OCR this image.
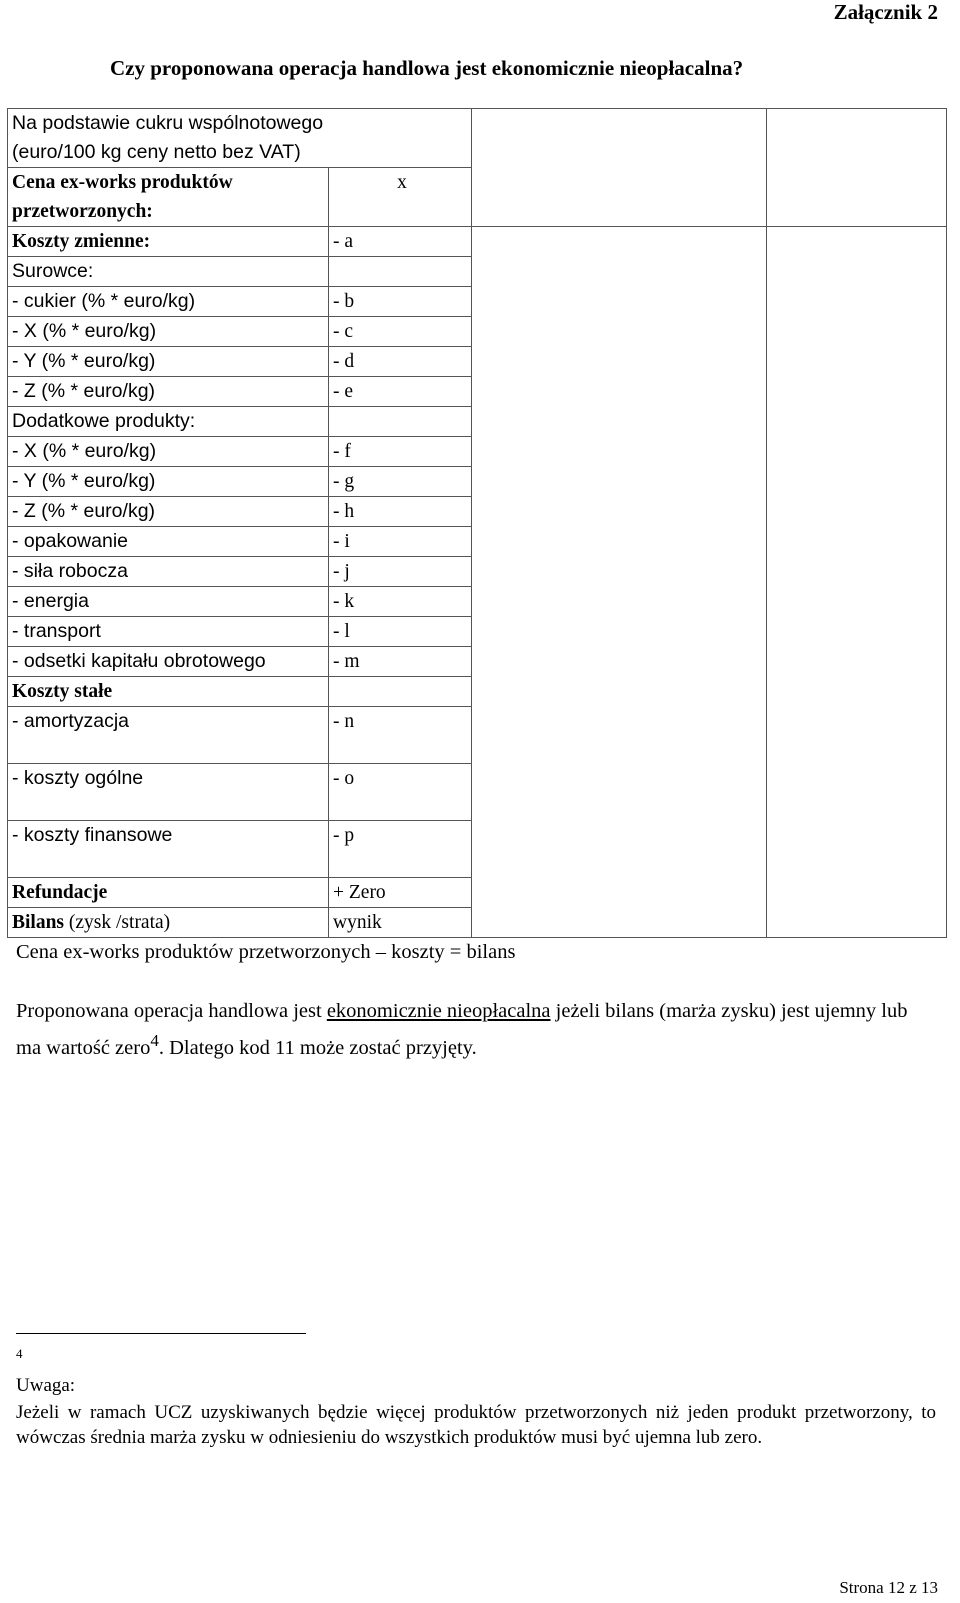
Załącznik 2
Czy proponowana operacja handlowa jest ekonomicznie nieopłacalna?
Na podstawie cukru wspólnotowego
(euro/100 kg ceny netto bez VAT)			

Cena ex-works produktów
przetworzonych:	x		
Koszty zmienne:	- a		
Surowce:			
- cukier (% * euro/kg)	- b		
- X (% * euro/kg)	- c		
- Y (% * euro/kg)	- d		
- Z (% * euro/kg)	- e		
Dodatkowe produkty:			
- X (% * euro/kg)	- f		
- Y (% * euro/kg)	- g		
- Z (% * euro/kg)	- h		
- opakowanie	- i		
- siła robocza	- j		
- energia	- k		
- transport	- l		
- odsetki kapitału obrotowego	- m		
Koszty stałe			
- amortyzacja	- n		
- koszty ogólne	- o		
- koszty finansowe	- p		
Refundacje	+ Zero		
Bilans (zysk /strata)	wynik		
Cena ex-works produktów przetworzonych – koszty = bilans
Proponowana operacja handlowa jest ekonomicznie nieopłacalna jeżeli bilans (marża zysku) jest ujemny lub ma wartość zero$^4$. Dlatego kod 11 może zostać przyjęty.
4
Uwaga:
Jeżeli w ramach UCZ uzyskiwanych będzie więcej produktów przetworzonych niż jeden produkt przetworzony, to wówczas średnia marża zysku w odniesieniu do wszystkich produktów musi być ujemna lub zero.
Strona 12 z 13
